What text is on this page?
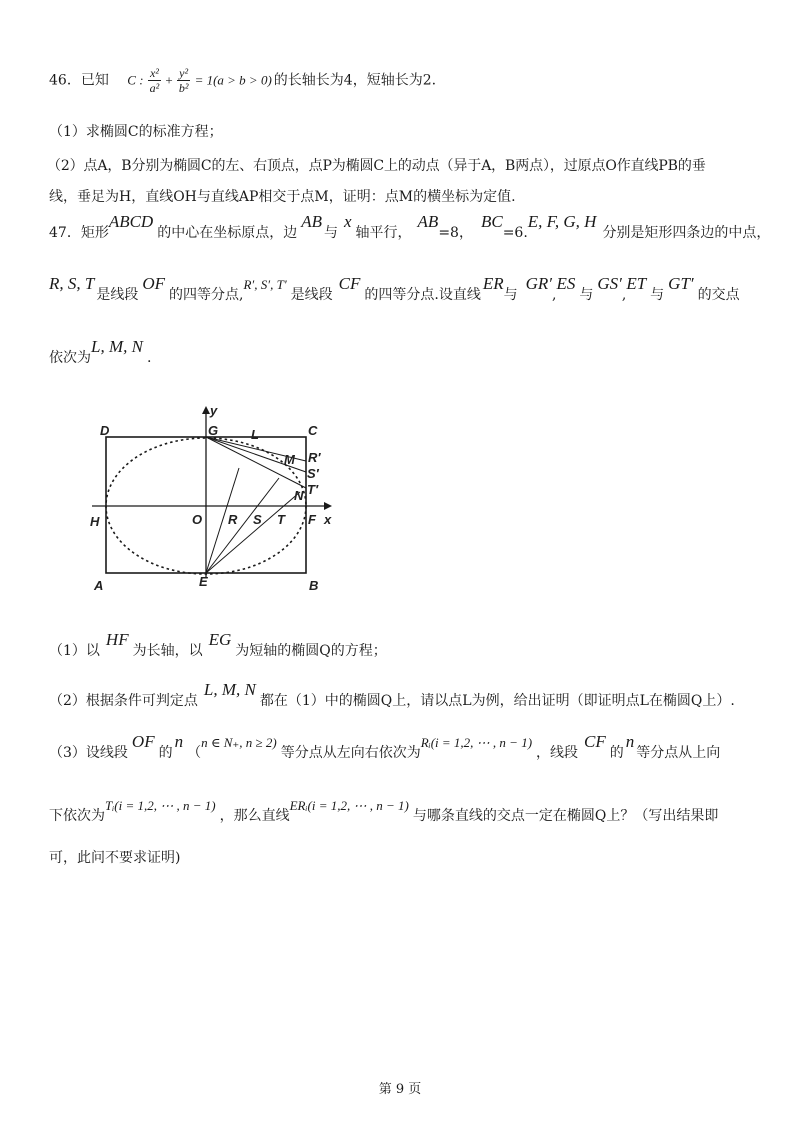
46．已知 C : $\frac{\text{x²}}{\text{a²}} + \frac{\text{y²}}{\text{b²}} = 1(a > b > 0)$ 的长轴长为4，短轴长为2.
（1）求椭圆C的标准方程；
（2）点A，B分别为椭圆C的左、右顶点，点P为椭圆C上的动点（异于A，B两点），过原点O作直线PB的垂
线，垂足为H，直线OH与直线AP相交于点M，证明：点M的横坐标为定值.
47．矩形ABCD的中心在坐标原点，边AB与x轴平行，AB=8，BC=6.E, F, G, H分别是矩形四条边的中点，
R, S, T是线段OF的四等分点,R′, S′, T′是线段CF的四等分点.设直线ER与GR′,ES与GS′,ET与GT′的交点
依次为L, M, N.
D	C
G
y
L
M R′
S′
T′
N
H	O R S T F x
A	E	B
（1）以HF为长轴，以EG为短轴的椭圆Q的方程；
（2）根据条件可判定点L, M, N都在（1）中的椭圆Q上，请以点L为例，给出证明（即证明点L在椭圆Q上）.
（3）设线段OF的n（n ∈ N₊, n ≥ 2)等分点从左向右依次为Rᵢ(i = 1,2, ⋯ , n − 1)，线段CF的n等分点从上向
下依次为Tᵢ(i = 1,2, ⋯ , n − 1)，那么直线ERᵢ(i = 1,2, ⋯ , n − 1)与哪条直线的交点一定在椭圆Q上？（写出结果即
可，此问不要求证明)
第 9 页
